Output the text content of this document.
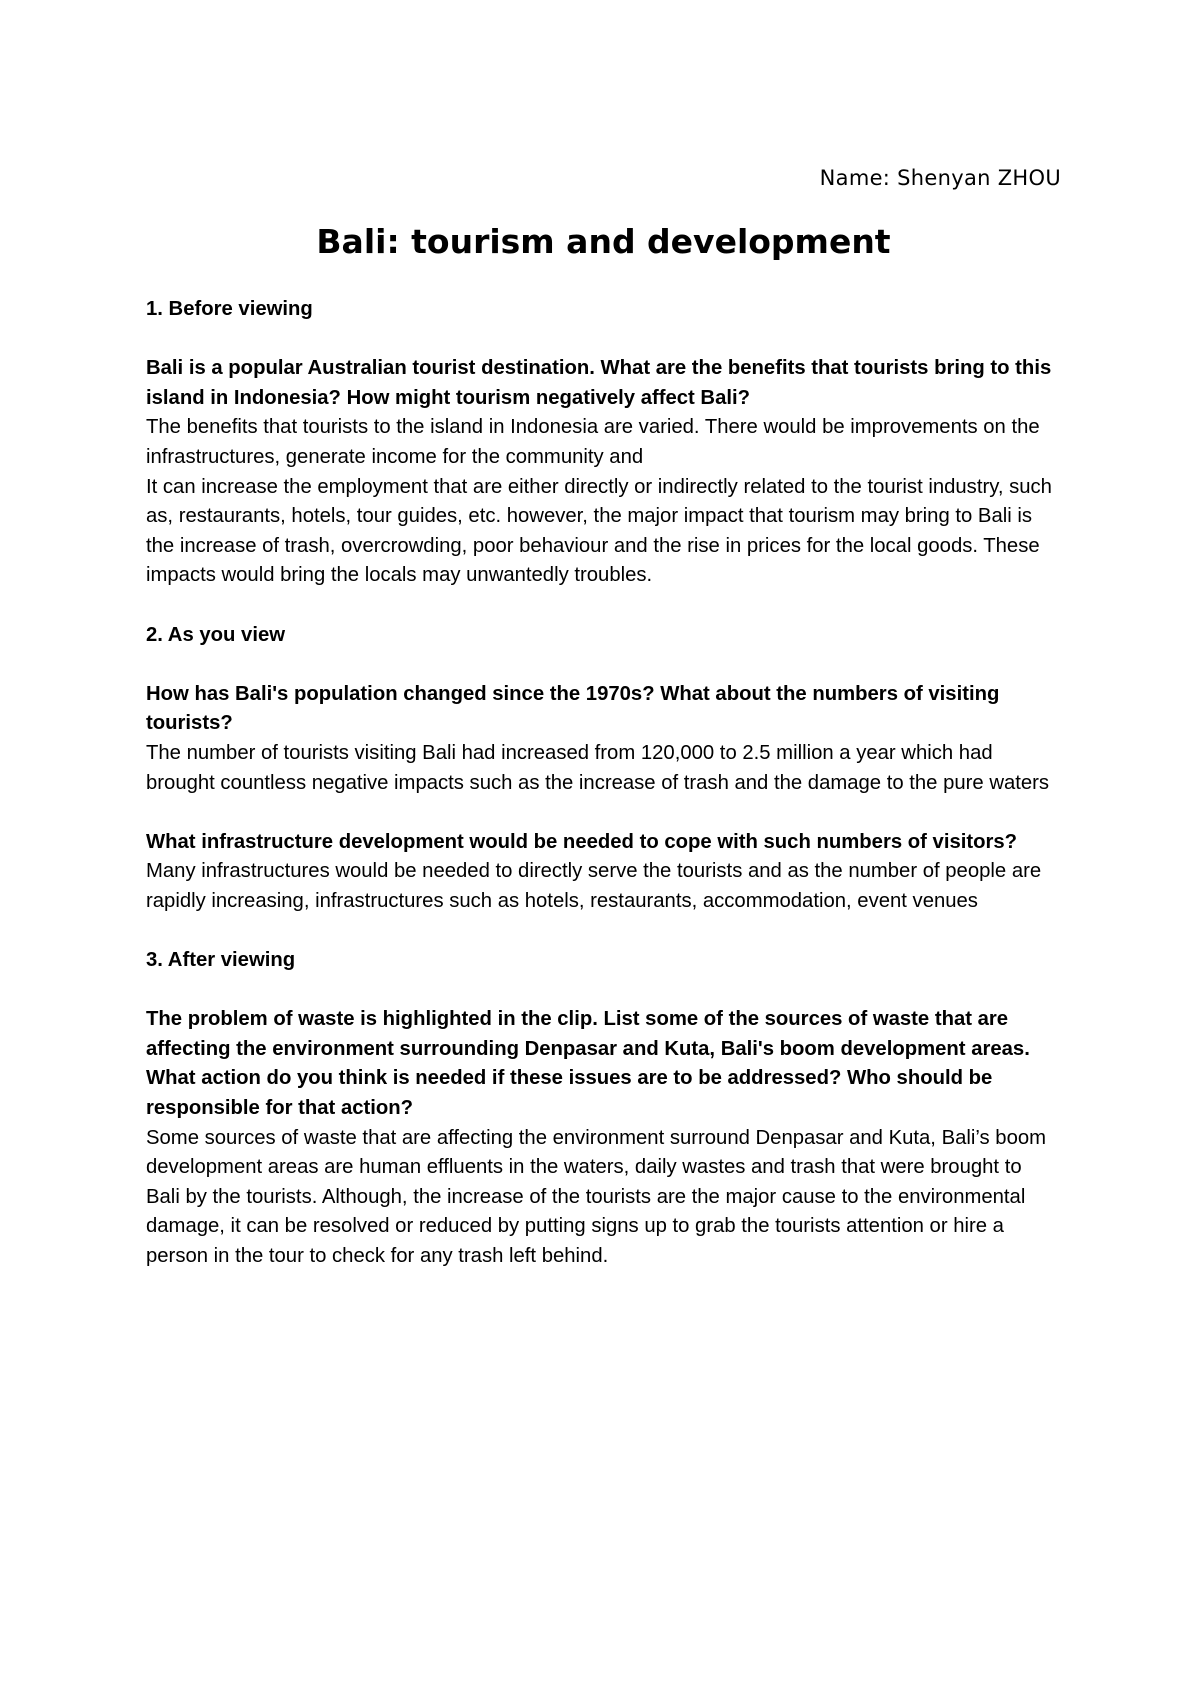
Name: Shenyan ZHOU
Bali: tourism and development

1. Before viewing

Bali is a popular Australian tourist destination. What are the benefits that tourists bring to this island in Indonesia? How might tourism negatively affect Bali?

The benefits that tourists to the island in Indonesia are varied. There would be improvements on the infrastructures, generate income for the community and

It can increase the employment that are either directly or indirectly related to the tourist industry, such as, restaurants, hotels, tour guides, etc. however, the major impact that tourism may bring to Bali is the increase of trash, overcrowding, poor behaviour and the rise in prices for the local goods. These impacts would bring the locals may unwantedly troubles.

2. As you view

How has Bali's population changed since the 1970s? What about the numbers of visiting tourists?

The number of tourists visiting Bali had increased from 120,000 to 2.5 million a year which had brought countless negative impacts such as the increase of trash and the damage to the pure waters

What infrastructure development would be needed to cope with such numbers of visitors?

Many infrastructures would be needed to directly serve the tourists and as the number of people are rapidly increasing, infrastructures such as hotels, restaurants, accommodation, event venues

3. After viewing

The problem of waste is highlighted in the clip. List some of the sources of waste that are affecting the environment surrounding Denpasar and Kuta, Bali's boom development areas. What action do you think is needed if these issues are to be addressed? Who should be responsible for that action?

Some sources of waste that are affecting the environment surround Denpasar and Kuta, Bali’s boom development areas are human effluents in the waters, daily wastes and trash that were brought to Bali by the tourists. Although, the increase of the tourists are the major cause to the environmental damage, it can be resolved or reduced by putting signs up to grab the tourists attention or hire a person in the tour to check for any trash left behind.
